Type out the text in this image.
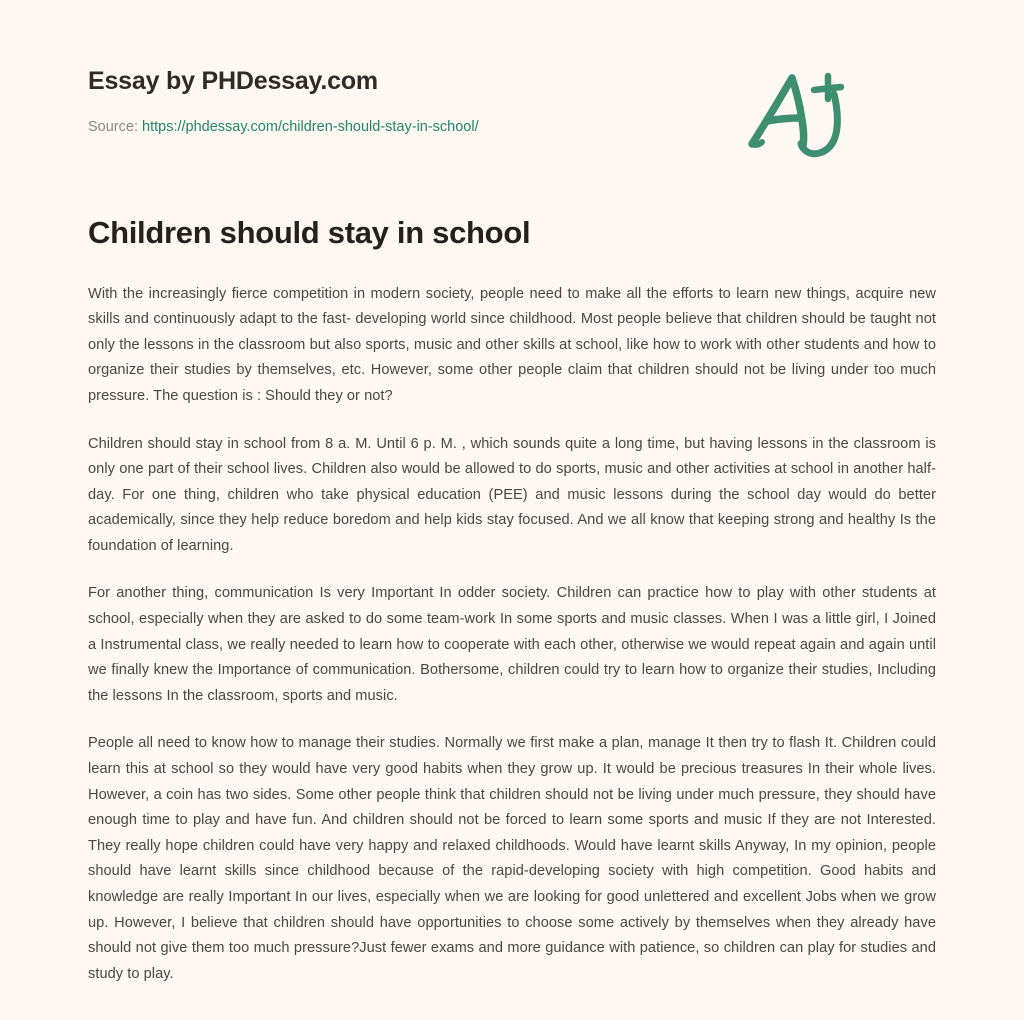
Essay by PHDessay.com
Source: https://phdessay.com/children-should-stay-in-school/
Children should stay in school

With the increasingly fierce competition in modern society, people need to make all the efforts to learn new things, acquire new skills and continuously adapt to the fast- developing world since childhood. Most people believe that children should be taught not only the lessons in the classroom but also sports, music and other skills at school, like how to work with other students and how to organize their studies by themselves, etc. However, some other people claim that children should not be living under too much pressure. The question is : Should they or not?

Children should stay in school from 8 a. M. Until 6 p. M. , which sounds quite a long time, but having lessons in the classroom is only one part of their school lives. Children also would be allowed to do sports, music and other activities at school in another half-day. For one thing, children who take physical education (PEE) and music lessons during the school day would do better academically, since they help reduce boredom and help kids stay focused. And we all know that keeping strong and healthy Is the foundation of learning.

For another thing, communication Is very Important In odder society. Children can practice how to play with other students at school, especially when they are asked to do some team-work In some sports and music classes. When I was a little girl, I Joined a Instrumental class, we really needed to learn how to cooperate with each other, otherwise we would repeat again and again until we finally knew the Importance of communication. Bothersome, children could try to learn how to organize their studies, Including the lessons In the classroom, sports and music.

People all need to know how to manage their studies. Normally we first make a plan, manage It then try to flash It. Children could learn this at school so they would have very good habits when they grow up. It would be precious treasures In their whole lives. However, a coin has two sides. Some other people think that children should not be living under much pressure, they should have enough time to play and have fun. And children should not be forced to learn some sports and music If they are not Interested. They really hope children could have very happy and relaxed childhoods. Would have learnt skills Anyway, In my opinion, people should have learnt skills since childhood because of the rapid-developing society with high competition. Good habits and knowledge are really Important In our lives, especially when we are looking for good unlettered and excellent Jobs when we grow up. However, I believe that children should have opportunities to choose some actively by themselves when they already have should not give them too much pressure?Just fewer exams and more guidance with patience, so children can play for studies and study to play.
